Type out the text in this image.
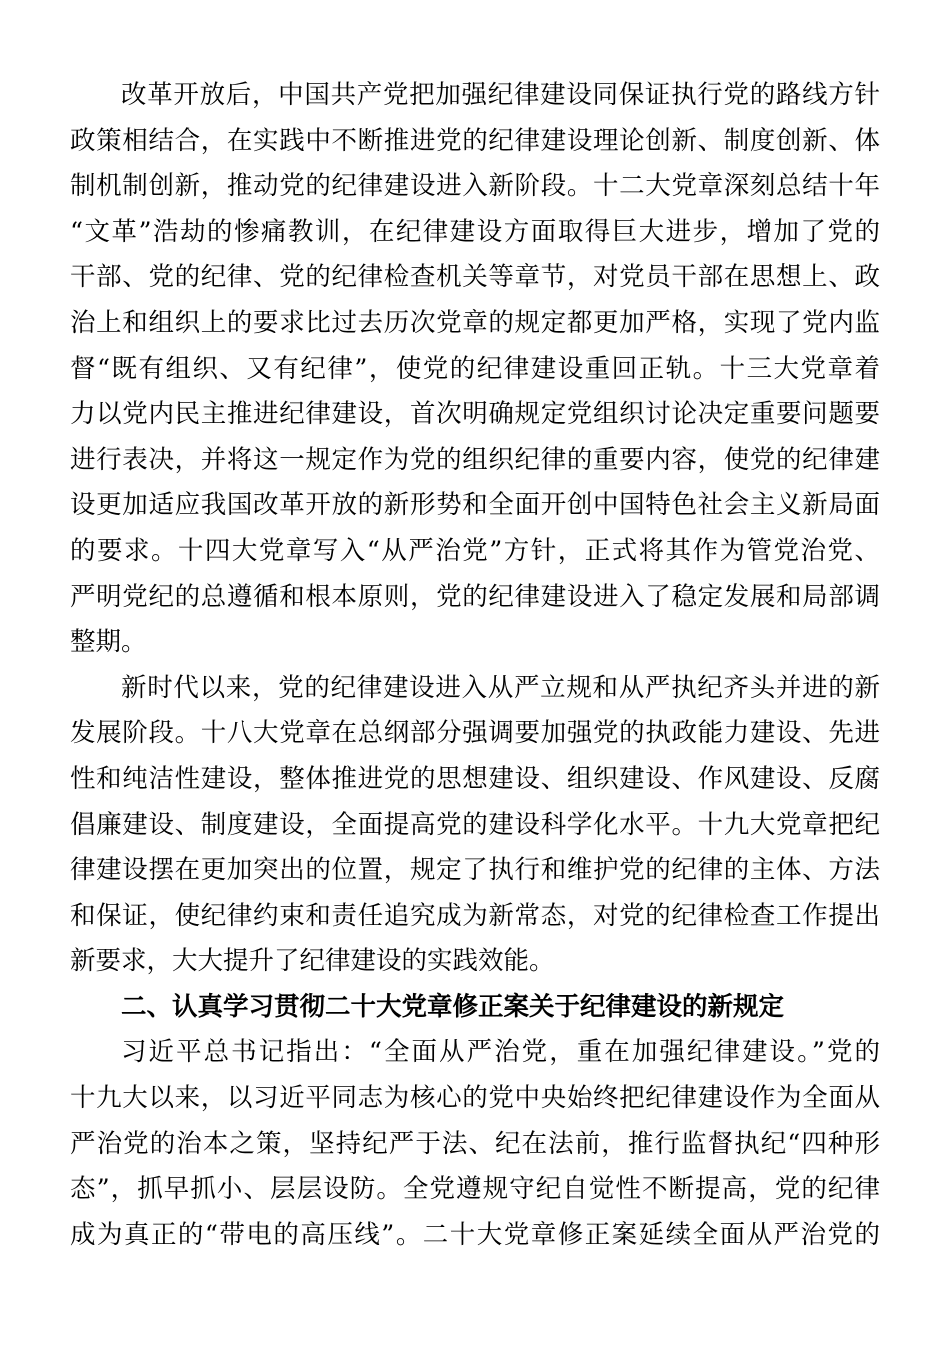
改革开放后，中国共产党把加强纪律建设同保证执行党的路线方针
政策相结合，在实践中不断推进党的纪律建设理论创新、制度创新、体
制机制创新，推动党的纪律建设进入新阶段。十二大党章深刻总结十年
“文革”浩劫的惨痛教训，在纪律建设方面取得巨大进步，增加了党的
干部、党的纪律、党的纪律检查机关等章节，对党员干部在思想上、政
治上和组织上的要求比过去历次党章的规定都更加严格，实现了党内监
督“既有组织、又有纪律”，使党的纪律建设重回正轨。十三大党章着
力以党内民主推进纪律建设，首次明确规定党组织讨论决定重要问题要
进行表决，并将这一规定作为党的组织纪律的重要内容，使党的纪律建
设更加适应我国改革开放的新形势和全面开创中国特色社会主义新局面
的要求。十四大党章写入“从严治党”方针，正式将其作为管党治党、
严明党纪的总遵循和根本原则，党的纪律建设进入了稳定发展和局部调
整期。
新时代以来，党的纪律建设进入从严立规和从严执纪齐头并进的新
发展阶段。十八大党章在总纲部分强调要加强党的执政能力建设、先进
性和纯洁性建设，整体推进党的思想建设、组织建设、作风建设、反腐
倡廉建设、制度建设，全面提高党的建设科学化水平。十九大党章把纪
律建设摆在更加突出的位置，规定了执行和维护党的纪律的主体、方法
和保证，使纪律约束和责任追究成为新常态，对党的纪律检查工作提出
新要求，大大提升了纪律建设的实践效能。
二、认真学习贯彻二十大党章修正案关于纪律建设的新规定
习近平总书记指出：“全面从严治党，重在加强纪律建设。”党的
十九大以来，以习近平同志为核心的党中央始终把纪律建设作为全面从
严治党的治本之策，坚持纪严于法、纪在法前，推行监督执纪“四种形
态”，抓早抓小、层层设防。全党遵规守纪自觉性不断提高，党的纪律
成为真正的“带电的高压线”。二十大党章修正案延续全面从严治党的
